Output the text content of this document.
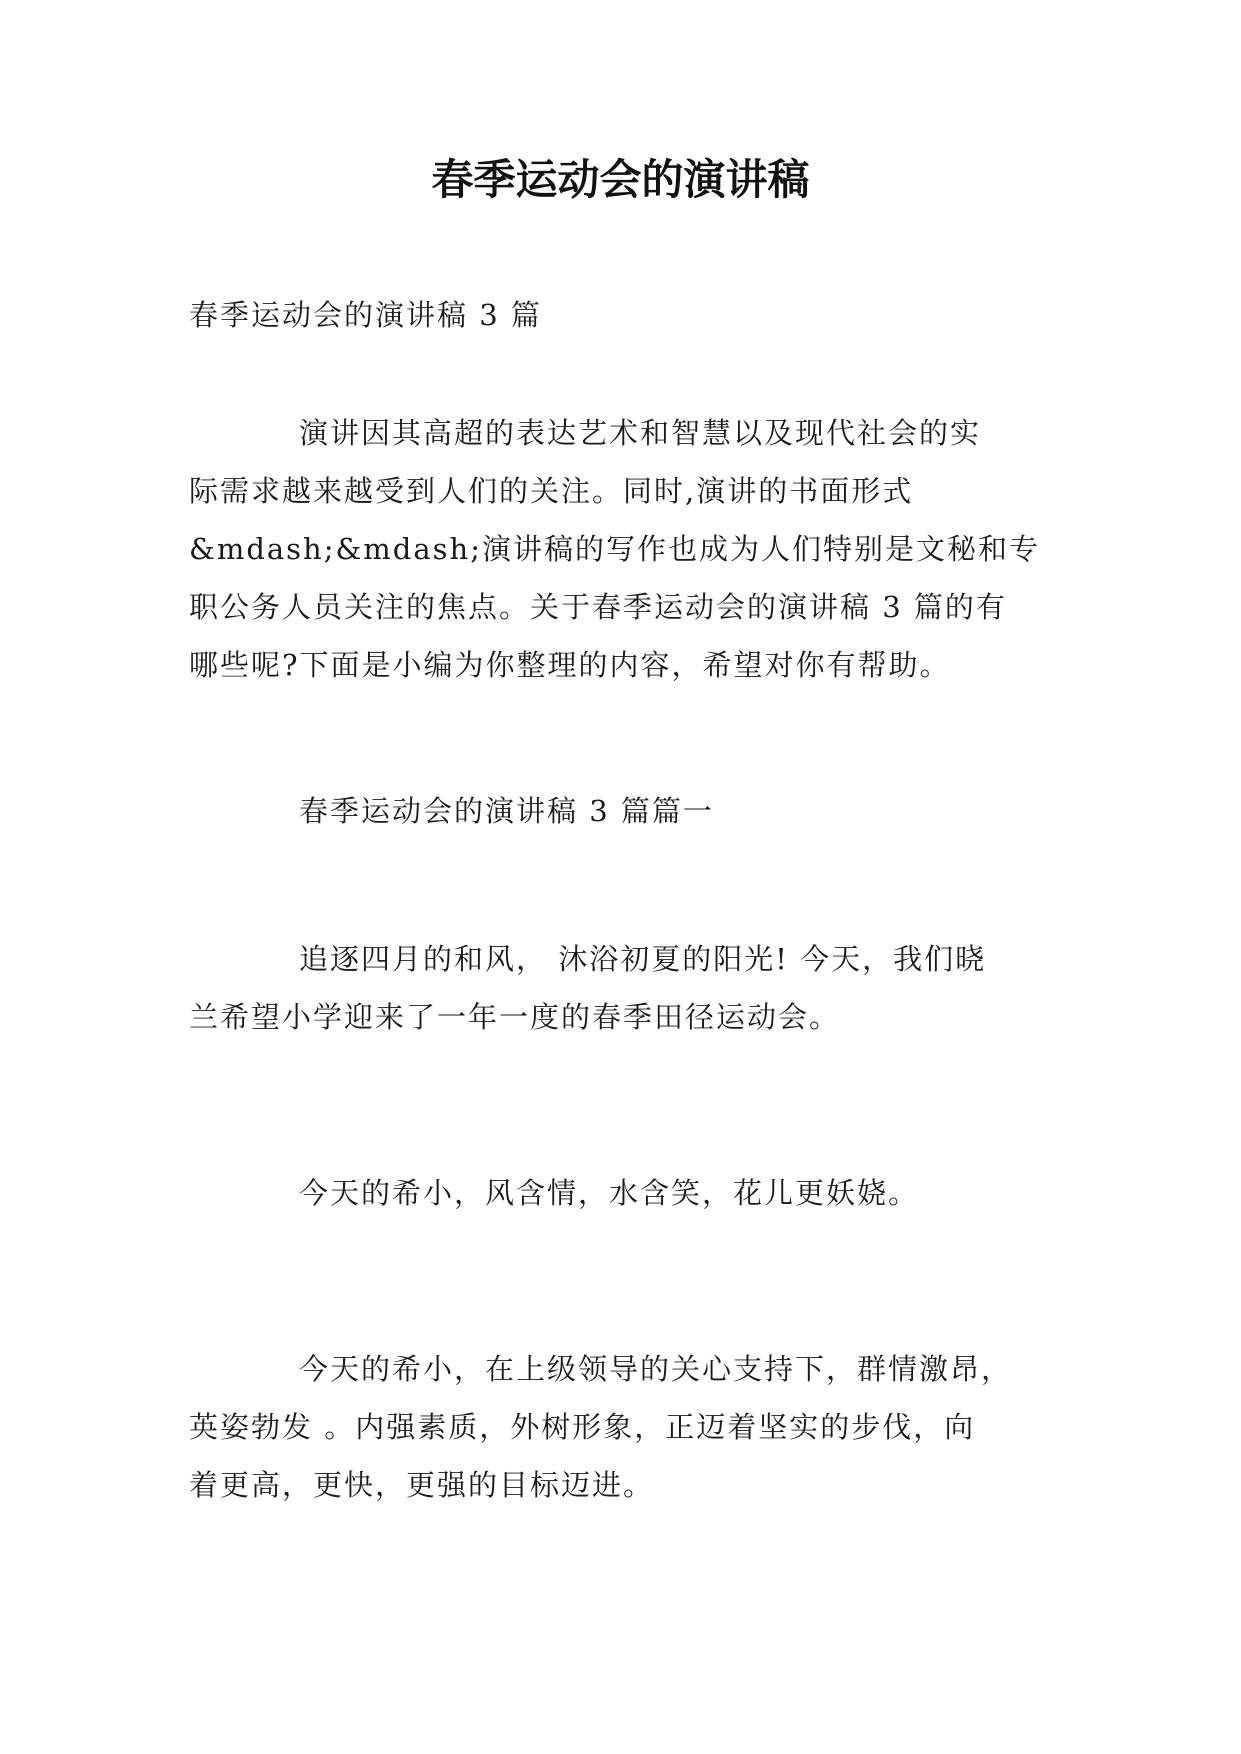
春季运动会的演讲稿
春季运动会的演讲稿 3 篇
演讲因其高超的表达艺术和智慧以及现代社会的实
际需求越来越受到人们的关注。同时,演讲的书面形式
&mdash;&mdash;演讲稿的写作也成为人们特别是文秘和专
职公务人员关注的焦点。关于春季运动会的演讲稿 3 篇的有
哪些呢?下面是小编为你整理的内容，希望对你有帮助。
春季运动会的演讲稿 3 篇篇一
追逐四月的和风， 沐浴初夏的阳光! 今天，我们晓
兰希望小学迎来了一年一度的春季田径运动会。
今天的希小，风含情，水含笑，花儿更妖娆。
今天的希小，在上级领导的关心支持下，群情激昂，
英姿勃发 。内强素质，外树形象，正迈着坚实的步伐，向
着更高，更快，更强的目标迈进。
